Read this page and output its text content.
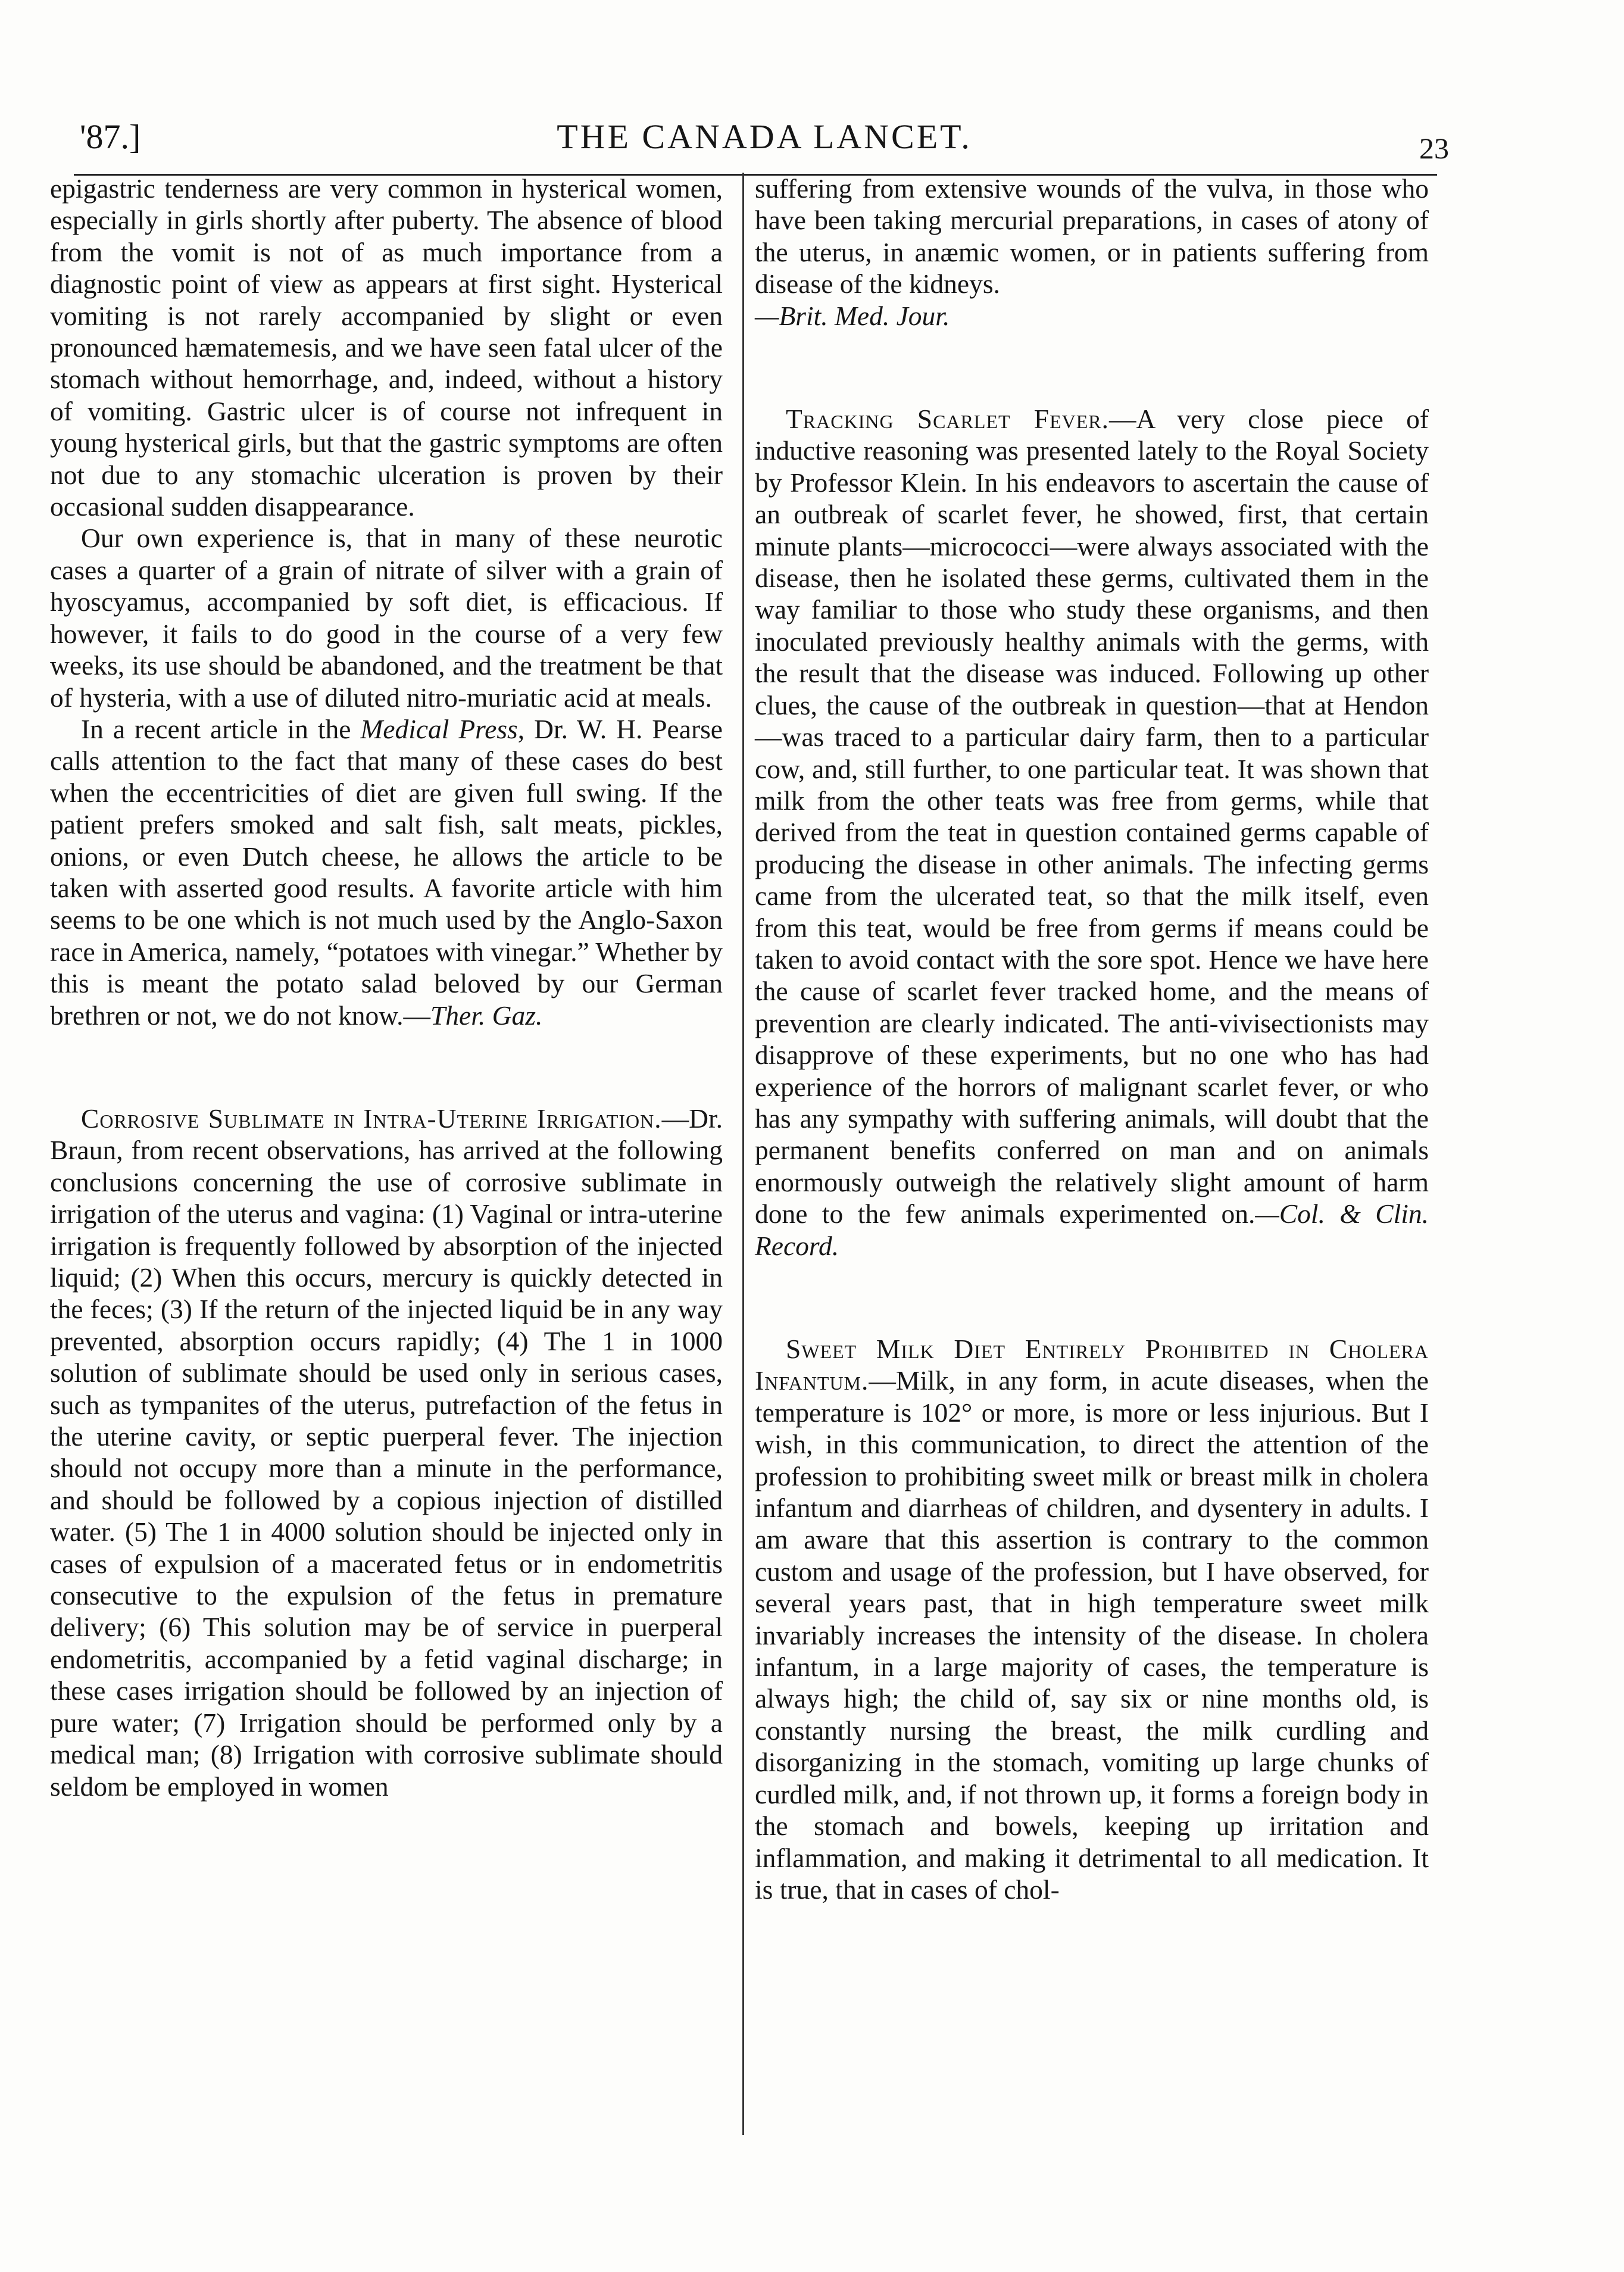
'87.]	THE CANADA LANCET.	23

epigastric tenderness are very common in hysterical women, especially in girls shortly after puberty. The absence of blood from the vomit is not of as much importance from a diagnostic point of view as appears at first sight. Hysterical vomiting is not rarely accompanied by slight or even pronounced hæmatemesis, and we have seen fatal ulcer of the stomach without hemorrhage, and, indeed, without a history of vomiting. Gastric ulcer is of course not infrequent in young hysterical girls, but that the gastric symptoms are often not due to any stomachic ulceration is proven by their occasional sudden disappearance.

Our own experience is, that in many of these neurotic cases a quarter of a grain of nitrate of silver with a grain of hyoscyamus, accompanied by soft diet, is efficacious. If however, it fails to do good in the course of a very few weeks, its use should be abandoned, and the treatment be that of hysteria, with a use of diluted nitro-muriatic acid at meals.

In a recent article in the Medical Press, Dr. W. H. Pearse calls attention to the fact that many of these cases do best when the eccentricities of diet are given full swing. If the patient prefers smoked and salt fish, salt meats, pickles, onions, or even Dutch cheese, he allows the article to be taken with asserted good results. A favorite article with him seems to be one which is not much used by the Anglo-Saxon race in America, namely, “potatoes with vinegar.” Whether by this is meant the potato salad beloved by our German brethren or not, we do not know.—Ther. Gaz.

Corrosive Sublimate in Intra-Uterine Irrigation.—Dr. Braun, from recent observations, has arrived at the following conclusions concerning the use of corrosive sublimate in irrigation of the uterus and vagina: (1) Vaginal or intra-uterine irrigation is frequently followed by absorption of the injected liquid; (2) When this occurs, mercury is quickly detected in the feces; (3) If the return of the injected liquid be in any way prevented, absorption occurs rapidly; (4) The 1 in 1000 solution of sublimate should be used only in serious cases, such as tympanites of the uterus, putrefaction of the fetus in the uterine cavity, or septic puerperal fever. The injection should not occupy more than a minute in the performance, and should be followed by a copious injection of distilled water. (5) The 1 in 4000 solution should be injected only in cases of expulsion of a macerated fetus or in endometritis consecutive to the expulsion of the fetus in premature delivery; (6) This solution may be of service in puerperal endometritis, accompanied by a fetid vaginal discharge; in these cases irrigation should be followed by an injection of pure water; (7) Irrigation should be performed only by a medical man; (8) Irrigation with corrosive sublimate should seldom be employed in women

suffering from extensive wounds of the vulva, in those who have been taking mercurial preparations, in cases of atony of the uterus, in anæmic women, or in patients suffering from disease of the kidneys.
—Brit. Med. Jour.

Tracking Scarlet Fever.—A very close piece of inductive reasoning was presented lately to the Royal Society by Professor Klein. In his endeavors to ascertain the cause of an outbreak of scarlet fever, he showed, first, that certain minute plants—micrococci—were always associated with the disease, then he isolated these germs, cultivated them in the way familiar to those who study these organisms, and then inoculated previously healthy animals with the germs, with the result that the disease was induced. Following up other clues, the cause of the outbreak in question—that at Hendon—was traced to a particular dairy farm, then to a particular cow, and, still further, to one particular teat. It was shown that milk from the other teats was free from germs, while that derived from the teat in question contained germs capable of producing the disease in other animals. The infecting germs came from the ulcerated teat, so that the milk itself, even from this teat, would be free from germs if means could be taken to avoid contact with the sore spot. Hence we have here the cause of scarlet fever tracked home, and the means of prevention are clearly indicated. The anti-vivisectionists may disapprove of these experiments, but no one who has had experience of the horrors of malignant scarlet fever, or who has any sympathy with suffering animals, will doubt that the permanent benefits conferred on man and on animals enormously outweigh the relatively slight amount of harm done to the few animals experimented on.—Col. & Clin. Record.

Sweet Milk Diet Entirely Prohibited in Cholera Infantum.—Milk, in any form, in acute diseases, when the temperature is 102° or more, is more or less injurious. But I wish, in this communication, to direct the attention of the profession to prohibiting sweet milk or breast milk in cholera infantum and diarrheas of children, and dysentery in adults. I am aware that this assertion is contrary to the common custom and usage of the profession, but I have observed, for several years past, that in high temperature sweet milk invariably increases the intensity of the disease. In cholera infantum, in a large majority of cases, the temperature is always high; the child of, say six or nine months old, is constantly nursing the breast, the milk curdling and disorganizing in the stomach, vomiting up large chunks of curdled milk, and, if not thrown up, it forms a foreign body in the stomach and bowels, keeping up irritation and inflammation, and making it detrimental to all medication. It is true, that in cases of chol-
